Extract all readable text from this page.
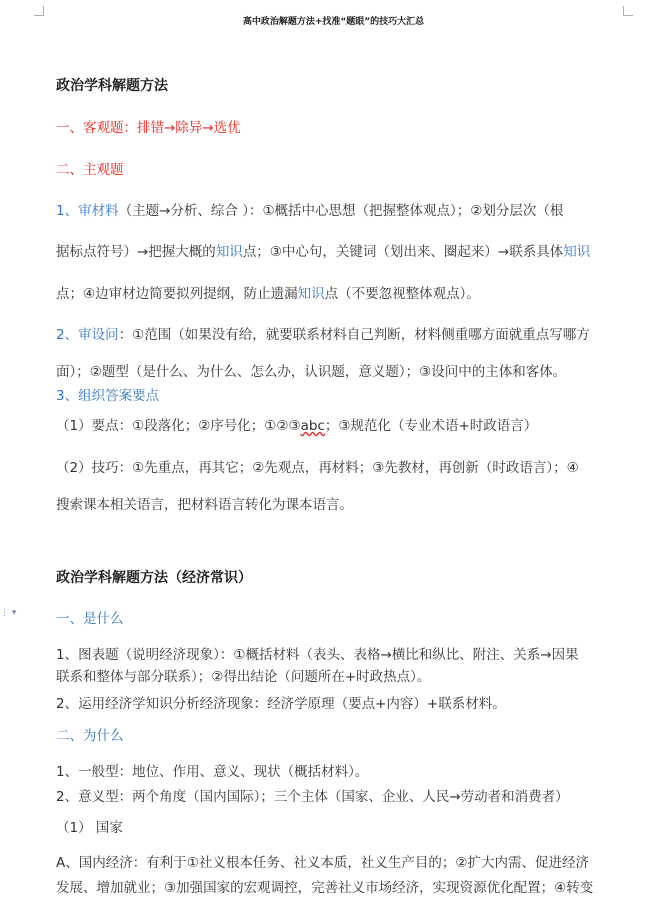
⋮ ▾
高中政治解题方法+找准“题眼”的技巧大汇总
政治学科解题方法
一、客观题：排错→除异→选优
二、主观题
1、审材料（主题→分析、综合 ）：①概括中心思想（把握整体观点）；②划分层次（根
据标点符号）→把握大概的知识点；③中心句，关键词（划出来、圈起来）→联系具体知识
点；④边审材边简要拟列提纲，防止遗漏知识点（不要忽视整体观点）。
2、审设问：①范围（如果没有给，就要联系材料自己判断，材料侧重哪方面就重点写哪方
面）；②题型（是什么、为什么、怎么办，认识题，意义题）；③设问中的主体和客体。
3、组织答案要点
（1）要点：①段落化；②序号化；①②③abc；③规范化（专业术语+时政语言）
（2）技巧：①先重点，再其它；②先观点，再材料；③先教材，再创新（时政语言）；④
搜索课本相关语言，把材料语言转化为课本语言。
政治学科解题方法（经济常识）
一、是什么
1、图表题（说明经济现象）：①概括材料（表头、表格→横比和纵比、附注、关系→因果
联系和整体与部分联系）；②得出结论（问题所在+时政热点）。
2、运用经济学知识分析经济现象：经济学原理（要点+内容）+联系材料。
二、为什么
1、一般型：地位、作用、意义、现状（概括材料）。
2、意义型：两个角度（国内国际）；三个主体（国家、企业、人民→劳动者和消费者）
（1） 国家
A、国内经济：有利于①社义根本任务、社义本质，社义生产目的；②扩大内需、促进经济
发展、增加就业；③加强国家的宏观调控，完善社义市场经济，实现资源优化配置；④转变
